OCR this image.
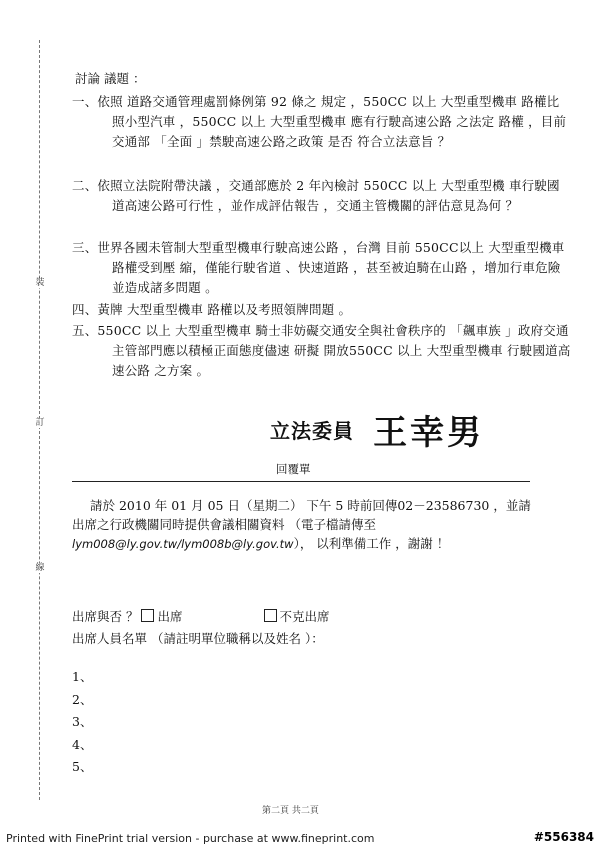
裝
訂
線
討論 議題 ：
一、依照 道路交通管理處罰條例第 92 條之 規定 ，550CC 以上 大型重型機車 路權比照小型汽車 ，550CC 以上 大型重型機車 應有行駛高速公路 之法定 路權 ，目前 交通部 「全面 」禁駛高速公路之政策 是否 符合立法意旨 ？
二、依照立法院附帶決議 ，交通部應於 2 年內檢討 550CC 以上 大型重型機 車行駛國道高速公路可行性 ，並作成評估報告 ，交通主管機關的評估意見為何 ？
三、世界各國未管制大型重型機車行駛高速公路 ，台灣 目前 550CC以上 大型重型機車 路權受到壓 縮，僅能行駛省道 、快速道路 ，甚至被迫騎在山路 ，增加行車危險並造成諸多問題 。
四、黃牌 大型重型機車 路權以及考照領牌問題 。
五、550CC 以上 大型重型機車 騎士非妨礙交通安全與社會秩序的 「飆車族 」政府交通主管部門應以積極正面態度儘速 研擬 開放550CC 以上 大型重型機車 行駛國道高速公路 之方案 。
立法委員 王幸男
回覆單
請於 2010 年 01 月 05 日（星期二） 下午 5 時前回傳02－23586730 ，並請出席之行政機關同時提供會議相關資料 （電子檔請傳至 lym008@ly.gov.tw/lym008b@ly.gov.tw）， 以利準備工作 ，謝謝 ！
出席與否 ？ 出席	不克出席
出席人員名單 （請註明單位職稱以及姓名 ）：
1、
2、
3、
4、
5、
第二頁 共二頁
Printed with FinePrint trial version - purchase at www.fineprint.com	#556384
